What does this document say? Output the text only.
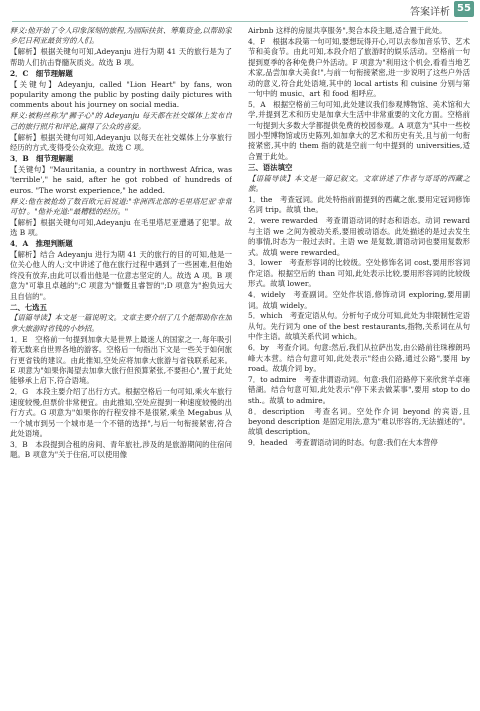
答案详析 55

释义:他开始了令人印象深刻的旅程,为园际扶贫、筹集资金,以帮助家乡尼日利亚最贫穷的人们。

【解析】根据关键句可知,Adeyanju 进行为期 41 天的旅行是为了帮助人们抗击脊髓灰质炎。故选 B 项。

2．C　细节理解题

【关键句】Adeyanju, called "Lion Heart" by fans, won popularity among the public by posting daily pictures with comments about his journey on social media.

释义:被粉丝称为"狮子心"的 Adeyanju 每天都在社交媒体上发布自己的旅行照片和评论,赢得了公众的喜爱。

【解析】根据关键句可知,Adeyanju 以每天在社交媒体上分享旅行经历的方式,变得受公众欢迎。故选 C 项。

3．B　细节理解题

【关键句】"Mauritania, a country in northwest Africa, was 'terrible'," he said, after he got robbed of hundreds of euros. "The worst experience," he added.

释义:他在被抢劫了数百欧元后说道:"非洲西北部的毛里塔尼亚'非常可怕'。"他补充道:"最糟糕的经历。"

【解析】根据关键句可知,Adeyanju 在毛里塔尼亚遭遇了犯罪。故选 B 项。

4．A　推理判断题

【解析】结合 Adeyanju 进行为期 41 天的旅行的目的可知,他是一位关心他人的人;文中讲述了他在旅行过程中遇到了一些困难,但他始终没有放弃,由此可以看出他是一位意志坚定的人。故选 A 项。B 项意为"可靠且卓越的";C 项意为"慷慨且睿智的";D 项意为"抱负远大且自信的"。

二、七选五

【语篇导读】本文是一篇说明文。文章主要介绍了几个能帮助你在加拿大旅游时省钱的小妙招。

1．E　空格前一句提到加拿大是世界上最迷人的国家之一,每年吸引着无数来自世界各地的游客。空格后一句指出下文是一些关于如何旅行更省钱的建议。由此推知,空处应将加拿大旅游与省钱联系起来。E 项意为"如果你渴望去加拿大旅行但预算紧张,不要担心",置于此处能够承上启下,符合语境。

2．G　本段主要介绍了出行方式。根据空格后一句可知,乘火车旅行速度较慢,但票价非常便宜。由此推知,空处应提到一种速度较慢的出行方式。G 项意为"如果你的行程安排不是很紧,乘坐 Megabus 从一个城市到另一个城市是一个不错的选择",与后一句衔接紧密,符合此处语境。

3．B　本段提到合租的房间、青年旅社,涉及的是旅游期间的住宿问题。B 项意为"关于住宿,可以使用像

Airbnb 这样的房屋共享服务",契合本段主题,适合置于此处。

4．F　根据本段第一句可知,要想玩得开心,可以去参加音乐节、艺术节和美食节。由此可知,本段介绍了旅游时的娱乐活动。空格前一句提到夏季的各种免费户外活动。F 项意为"利用这个机会,看看当地艺术家,品尝加拿大美食!",与前一句衔接紧密,进一步说明了这些户外活动的意义,符合此处语境,其中的 local artists 和 cuisine 分别与第一句中的 music、art 和 food 相呼应。

5．A　根据空格前三句可知,此处建议我们参观博物馆、美术馆和大学,并提到艺术和历史是加拿大生活中非常重要的文化方面。空格前一句提到大多数大学都提供免费的校园参观。A 项意为"其中一些校园小型博物馆或历史陈列,如加拿大的艺术和历史有关,且与前一句衔接紧密,其中的 them 指的就是空前一句中提到的 universities,适合置于此处。

三、语法填空

【语篇导读】本文是一篇记叙文。文章讲述了作者与哥哥的西藏之旅。

1．the　考查冠词。此处特指前面提到的西藏之旅,要用定冠词修饰名词 trip。故填 the。

2．were rewarded　考查谓语动词的时态和语态。动词 reward 与主语 we 之间为被动关系,要用被动语态。此处描述的是过去发生的事情,时态为一般过去时。主语 we 是复数,谓语动词也要用复数形式。故填 were rewarded。

3．lower　考查形容词的比较级。空处修饰名词 cost,要用形容词作定语。根据空后的 than 可知,此处表示比较,要用形容词的比较级形式。故填 lower。

4．widely　考查副词。空处作状语,修饰动词 exploring,要用副词。故填 widely。

5．which　考查定语从句。分析句子成分可知,此处为非限制性定语从句。先行词为 one of the best restaurants,指物,关系词在从句中作主语。故填关系代词 which。

6．by　考查介词。句意:然后,我们从拉萨出发,由公路前往珠穆朗玛峰大本营。结合句意可知,此处表示"经由公路,通过公路",要用 by road。故填介词 by。

7．to admire　考查非谓语动词。句意:我们沿路停下来欣赏羊卓雍错湖。结合句意可知,此处表示"停下来去做某事",要用 stop to do sth.。故填 to admire。

8．description　考查名词。空处作介词 beyond 的宾语,且 beyond description 是固定用法,意为"难以形容的,无法描述的"。故填 description。

9．headed　考查谓语动词的时态。句意:我们在大本营停
